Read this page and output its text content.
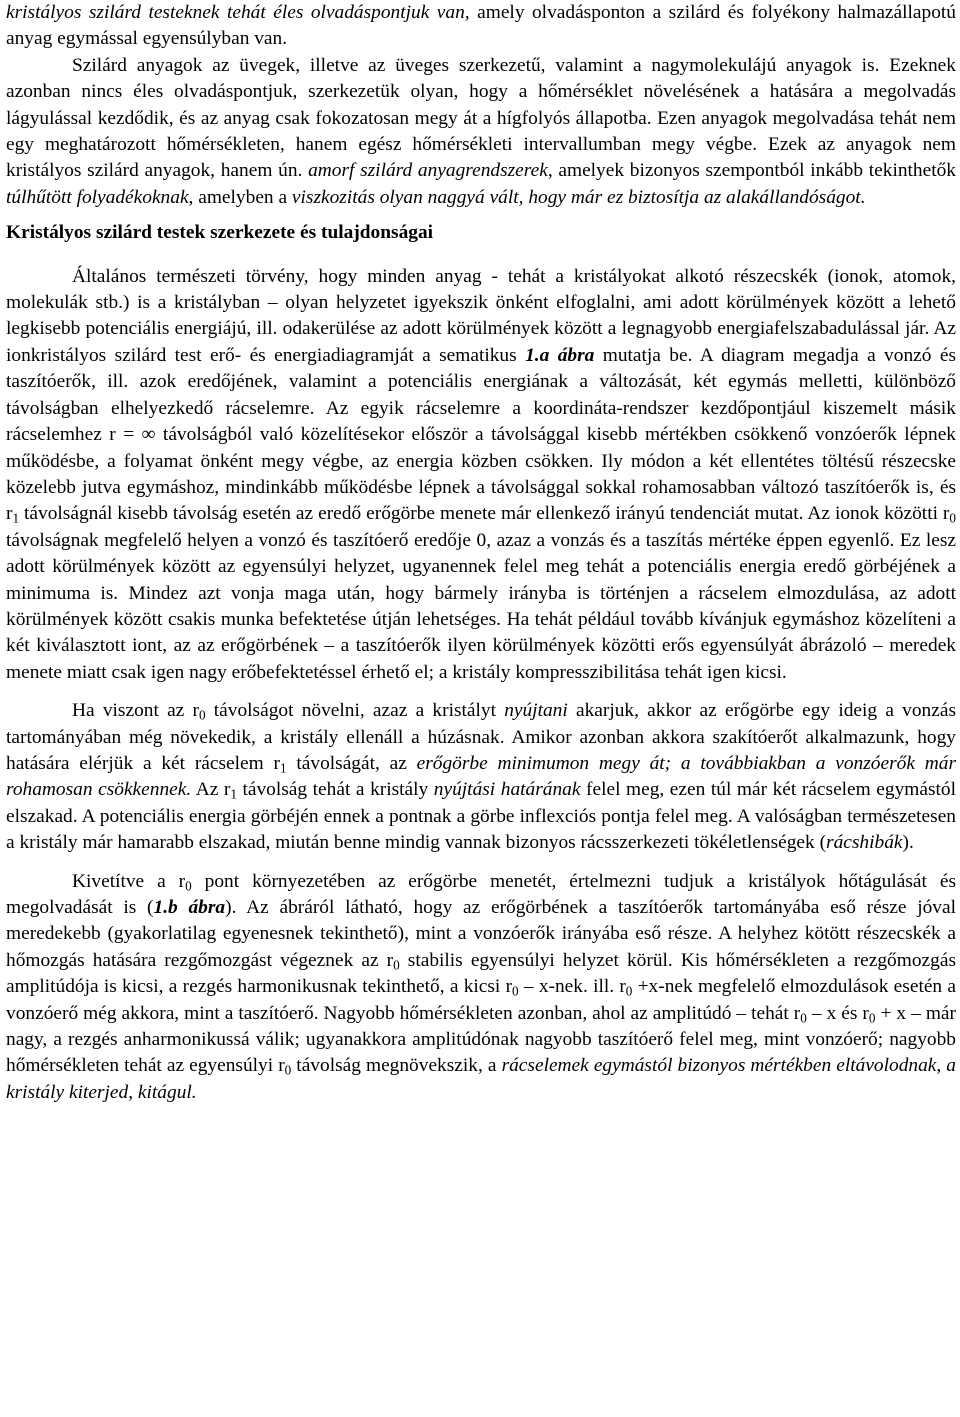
kristályos szilárd testeknek tehát éles olvadáspontjuk van, amely olvadásponton a szilárd és folyékony halmazállapotú anyag egymással egyensúlyban van.

Szilárd anyagok az üvegek, illetve az üveges szerkezetű, valamint a nagymolekulájú anyagok is. Ezeknek azonban nincs éles olvadáspontjuk, szerkezetük olyan, hogy a hőmérséklet növelésének a hatására a megolvadás lágyulással kezdődik, és az anyag csak fokozatosan megy át a hígfolyós állapotba. Ezen anyagok megolvadása tehát nem egy meghatározott hőmérsékleten, hanem egész hőmérsékleti intervallumban megy végbe. Ezek az anyagok nem kristályos szilárd anyagok, hanem ún. amorf szilárd anyagrendszerek, amelyek bizonyos szempontból inkább tekinthetők túlhűtött folyadékoknak, amelyben a viszkozitás olyan naggyá vált, hogy már ez biztosítja az alakállandóságot.

Kristályos szilárd testek szerkezete és tulajdonságai

Általános természeti törvény, hogy minden anyag - tehát a kristályokat alkotó részecskék (ionok, atomok, molekulák stb.) is a kristályban – olyan helyzetet igyekszik önként elfoglalni, ami adott körülmények között a lehető legkisebb potenciális energiájú, ill. odakerülése az adott körülmények között a legnagyobb energiafelszabadulással jár. Az ionkristályos szilárd test erő- és energiadiagramját a sematikus 1.a ábra mutatja be. A diagram megadja a vonzó és taszítóerők, ill. azok eredőjének, valamint a potenciális energiának a változását, két egymás melletti, különböző távolságban elhelyezkedő rácselemre. Az egyik rácselemre a koordináta-rendszer kezdőpontjául kiszemelt másik rácselemhez r = ∞ távolságból való közelítésekor először a távolsággal kisebb mértékben csökkenő vonzóerők lépnek működésbe, a folyamat önként megy végbe, az energia közben csökken. Ily módon a két ellentétes töltésű részecske közelebb jutva egymáshoz, mindinkább működésbe lépnek a távolsággal sokkal rohamosabban változó taszítóerők is, és $r_1$ távolságnál kisebb távolság esetén az eredő erőgörbe menete már ellenkező irányú tendenciát mutat. Az ionok közötti $r_0$ távolságnak megfelelő helyen a vonzó és taszítóerő eredője 0, azaz a vonzás és a taszítás mértéke éppen egyenlő. Ez lesz adott körülmények között az egyensúlyi helyzet, ugyanennek felel meg tehát a potenciális energia eredő görbéjének a minimuma is. Mindez azt vonja maga után, hogy bármely irányba is történjen a rácselem elmozdulása, az adott körülmények között csakis munka befektetése útján lehetséges. Ha tehát például tovább kívánjuk egymáshoz közelíteni a két kiválasztott iont, az az erőgörbének – a taszítóerők ilyen körülmények közötti erős egyensúlyát ábrázoló – meredek menete miatt csak igen nagy erőbefektetéssel érhető el; a kristály kompresszibilitása tehát igen kicsi.

Ha viszont az $r_0$ távolságot növelni, azaz a kristályt nyújtani akarjuk, akkor az erőgörbe egy ideig a vonzás tartományában még növekedik, a kristály ellenáll a húzásnak. Amikor azonban akkora szakítóerőt alkalmazunk, hogy hatására elérjük a két rácselem $r_1$ távolságát, az erőgörbe minimumon megy át; a továbbiakban a vonzóerők már rohamosan csökkennek. Az $r_1$ távolság tehát a kristály nyújtási határának felel meg, ezen túl már két rácselem egymástól elszakad. A potenciális energia görbéjén ennek a pontnak a görbe inflexciós pontja felel meg. A valóságban természetesen a kristály már hamarabb elszakad, miután benne mindig vannak bizonyos rácsszerkezeti tökéletlenségek (rácshibák).

Kivetítve a $r_0$ pont környezetében az erőgörbe menetét, értelmezni tudjuk a kristályok hőtágulását és megolvadását is (1.b ábra). Az ábráról látható, hogy az erőgörbének a taszítóerők tartományába eső része jóval meredekebb (gyakorlatilag egyenesnek tekinthető), mint a vonzóerők irányába eső része. A helyhez kötött részecskék a hőmozgás hatására rezgőmozgást végeznek az $r_0$ stabilis egyensúlyi helyzet körül. Kis hőmérsékleten a rezgőmozgás amplitúdója is kicsi, a rezgés harmonikusnak tekinthető, a kicsi $r_0 - x-nek$. ill. $r_0 +x-nek$ megfelelő elmozdulások esetén a vonzóerő még akkora, mint a taszítóerő. Nagyobb hőmérsékleten azonban, ahol az amplitúdó – tehát $r_0$ – x és $r_0 + x$ – már nagy, a rezgés anharmonikussá válik; ugyanakkora amplitúdónak nagyobb taszítóerő felel meg, mint vonzóerő; nagyobb hőmérsékleten tehát az egyensúlyi $r_0$ távolság megnövekszik, a rácselemek egymástól bizonyos mértékben eltávolodnak, a kristály kiterjed, kitágul.
